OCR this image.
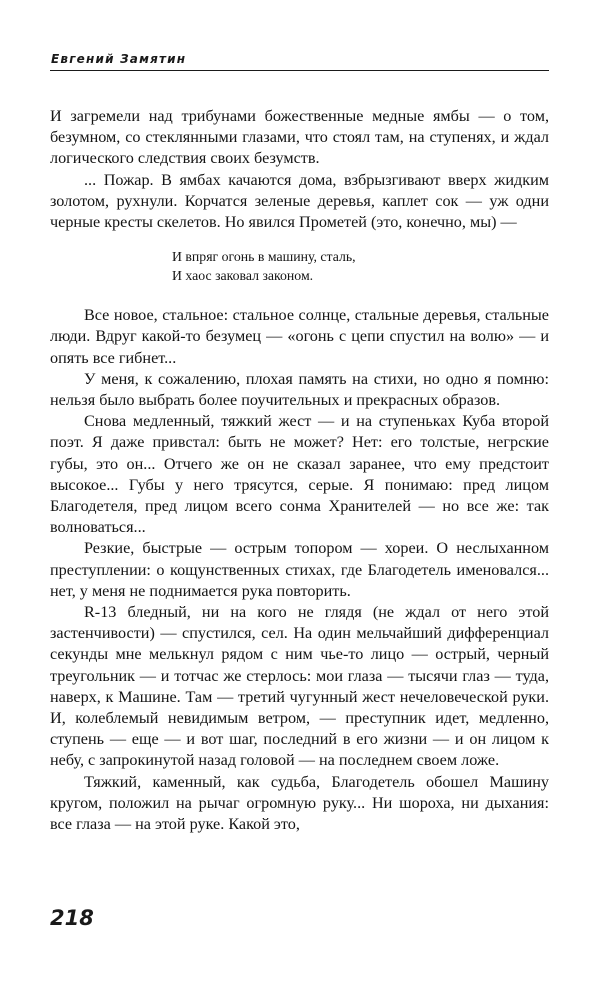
Евгений Замятин

И загремели над трибунами божественные медные ямбы — о том, безумном, со стеклянными глазами, что стоял там, на ступенях, и ждал логического следствия своих безумств.

... Пожар. В ямбах качаются дома, взбрызгивают вверх жидким золотом, рухнули. Корчатся зеленые деревья, каплет сок — уж одни черные кресты скелетов. Но явился Прометей (это, конечно, мы) —

И впряг огонь в машину, сталь,
И хаос заковал законом.

Все новое, стальное: стальное солнце, стальные деревья, стальные люди. Вдруг какой-то безумец — «огонь с цепи спустил на волю» — и опять все гибнет...

У меня, к сожалению, плохая память на стихи, но одно я помню: нельзя было выбрать более поучительных и прекрасных образов.

Снова медленный, тяжкий жест — и на ступеньках Куба второй поэт. Я даже привстал: быть не может? Нет: его толстые, негрские губы, это он... Отчего же он не сказал заранее, что ему предстоит высокое... Губы у него трясутся, серые. Я понимаю: пред лицом Благодетеля, пред лицом всего сонма Хранителей — но все же: так волноваться...

Резкие, быстрые — острым топором — хореи. О неслыханном преступлении: о кощунственных стихах, где Благодетель именовался... нет, у меня не поднимается рука повторить.

R-13 бледный, ни на кого не глядя (не ждал от него этой застенчивости) — спустился, сел. На один мельчайший дифференциал секунды мне мелькнул рядом с ним чье-то лицо — острый, черный треугольник — и тотчас же стерлось: мои глаза — тысячи глаз — туда, наверх, к Машине. Там — третий чугунный жест нечеловеческой руки. И, колеблемый невидимым ветром, — преступник идет, медленно, ступень — еще — и вот шаг, последний в его жизни — и он лицом к небу, с запрокинутой назад головой — на последнем своем ложе.

Тяжкий, каменный, как судьба, Благодетель обошел Машину кругом, положил на рычаг огромную руку... Ни шороха, ни дыхания: все глаза — на этой руке. Какой это,

218
